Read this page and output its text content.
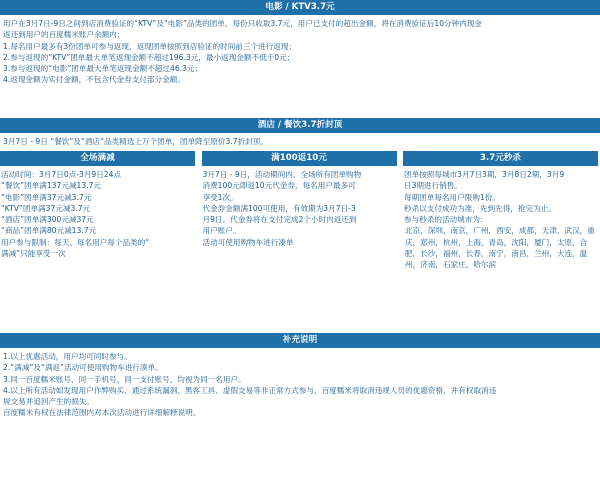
电影 / KTV3.7元
用户在3月7日-9日之间到店消费验证的“KTV”及“电影”品类的团单，每份只收取3.7元，用户已支付的超出金额，将在消费验证后10分钟内现金
返还到用户的百度糯米账户余额内；
1.每名用户最多有3份团单可参与返现，返现团单按照到店验证的时间前三个进行返现；
2.参与返现的“KTV”团单最大单笔返现金额不超过196.3元，最小返现金额不低于0元；
3.参与返现的“电影”团单最大单笔返现金额不超过46.3元；
4.返现金额为实付金额，不包含代金券支付部分金额。
酒店 / 餐饮3.7折封顶
3月7日 - 9日 “餐饮”及“酒店”品类精选上万个团单，团单降至原价3.7折封顶。
全场满减
活动时间：3月7日0点-3月9日24点
“餐饮”团单满137元减13.7元
“电影”团单满37元减3.7元
“KTV”团单满37元减3.7元
“酒店”团单满300元减37元
“商品”团单满80元减13.7元
用户参与限制：每天、每名用户每个品类的“
满减”只能享受一次
满100返10元
3月7日 - 9日，活动期间内，全场所有团单购物
消费100元即返10元代金券，每名用户最多可
享受1次。
代金券金额满100可使用，有效期为3月7日-3
月9日。代金券将在支付完成2个小时内返还到
用户账户。
活动可使用购物车进行凑单
3.7元秒杀
团单按照每城市3月7日3期，3月8日2期，3月9
日3期进行销售。
每期团单每名用户限购1份。
秒杀以支付成功为准，先到先得，抢完为止。
参与秒杀的活动城市为：
北京，深圳，南京，广州，西安，成都，天津，武汉，重庆，郑州，杭州，上海，青岛，沈阳，厦门，太原，合肥，长沙，福州，长春，南宁，南昌，兰州，大连，温州，济南，石家庄，哈尔滨
补充说明
1.以上优惠活动，用户均可同时参与。
2.“满减”及“满返”活动可使用购物车进行凑单。
3.同一百度糯米账号、同一手机号、同一支付账号，均视为同一名用户。
4.以上所有活动如发现用户作弊购买、通过系统漏洞、黑客工具、虚假交易等非正常方式参与，百度糯米将取消违规人员的优惠资格，并有权取消违
规交易并追回产生的损失。
百度糯米有权在法律范围内对本次活动进行详细解释说明。
